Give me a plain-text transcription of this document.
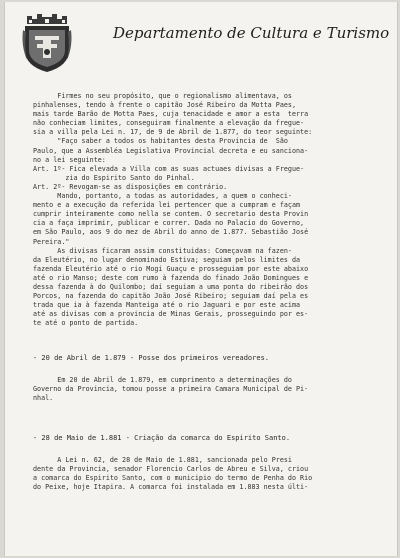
Departamento de Cultura e Turismo
Firmes no seu propósito, que o regionalismo alimentava, os
pinhalenses, tendo à frente o capitão José Ribeiro da Motta Paes,
mais tarde Barão de Motta Paes, cuja tenacidade e amor a esta  terra
não conheciam limites, conseguiram finalmente a elevação da fregue-
sia a villa pela Lei n. 17, de 9 de Abril de 1.877, do teor seguinte:
"Faço saber a todos os habitantes desta Provincia de  São
Paulo, que a Assembléa Legislativa Provincial decreta e eu sanciona-
no a lei seguinte:
Art. 1º- Fica elevada a Villa com as suas actuaes divisas a Fregue-
zia do Espirito Santo do Pinhal.
Art. 2º- Revogam-se as disposições em contrário.
Mando, portanto, a todas as autoridades, a quem o conheci-
mento e a execução da referida lei pertencer que a cumpram e façam
cumprir inteiramente como nella se contem. O secretario desta Provin
cia a faça imprimir, publicar e correr. Dada no Palacio do Governo,
em São Paulo, aos 9 do mez de Abril do anno de 1.877. Sebastião José
Pereira."
As divisas ficaram assim constituidas: Começavam na fazen-
da Eleutério, no lugar denominado Estiva; seguiam pelos limites da
fazenda Eleutério até o rio Mogi Guaçu e prosseguiam por este abaixo
até o rio Manso; deste com rumo à fazenda do finado João Domingues e
dessa fazenda à do Quilombo; daí seguiam a uma ponta do ribeirão dos
Porcos, na fazenda do capitão João José Ribeiro; seguiam daí pela es
trada que ia à fazenda Manteiga até o rio Jaguari e por este acima
até as divisas com a provincia de Minas Gerais, prosseguindo por es-
te até o ponto de partida.
- 20 de Abril de 1.879 - Posse dos primeiros vereadores.
Em 20 de Abril de 1.879, em cumprimento a determinações do
Governo da Provincia, tomou posse a primeira Camara Municipal de Pi-
nhal.
- 28 de Maio de 1.881 - Criação da comarca do Espirito Santo.
A Lei n. 62, de 28 de Maio de 1.881, sancionada pelo Presi
dente da Provincia, senador Florencio Carlos de Abreu e Silva, criou
a comarca do Espirito Santo, com o municipio do termo de Penha do Rio
do Peixe, hoje Itapira. A comarca foi instalada em 1.883 nesta últi-
